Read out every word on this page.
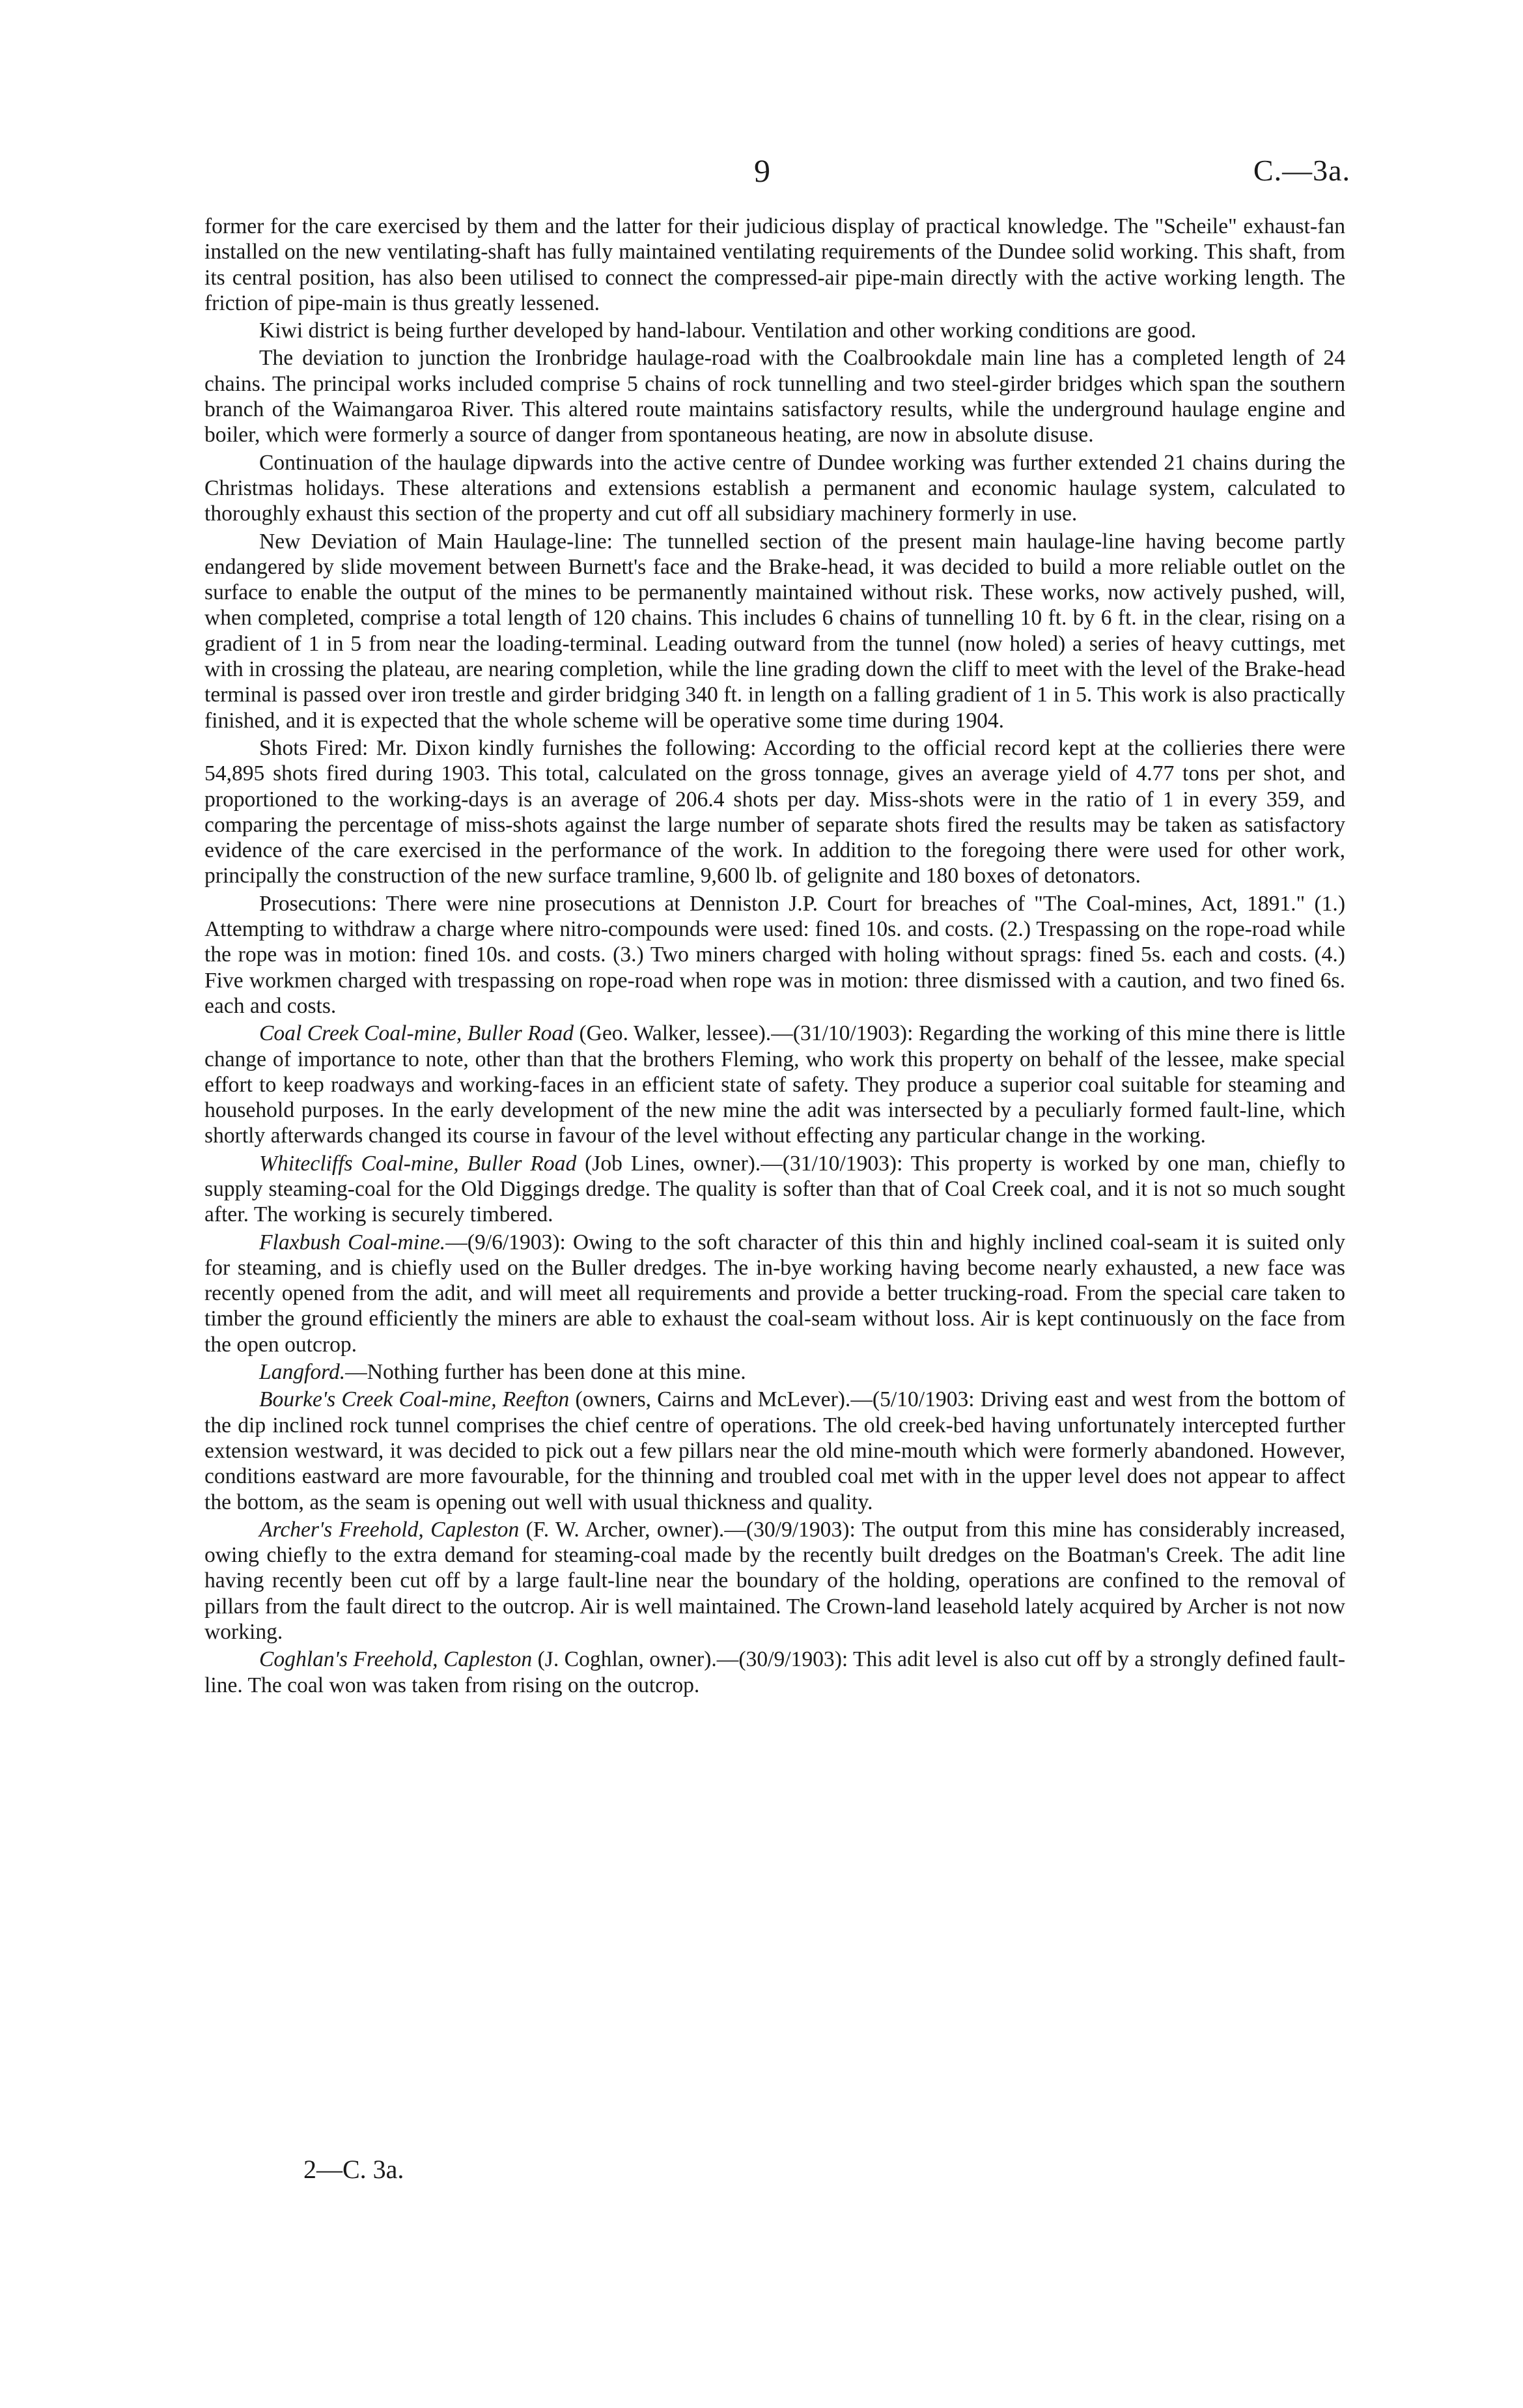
9	C.—3a.

former for the care exercised by them and the latter for their judicious display of practical knowledge. The "Scheile" exhaust-fan installed on the new ventilating-shaft has fully maintained ventilating requirements of the Dundee solid working. This shaft, from its central position, has also been utilised to connect the compressed-air pipe-main directly with the active working length. The friction of pipe-main is thus greatly lessened.

Kiwi district is being further developed by hand-labour. Ventilation and other working conditions are good.

The deviation to junction the Ironbridge haulage-road with the Coalbrookdale main line has a completed length of 24 chains. The principal works included comprise 5 chains of rock tunnelling and two steel-girder bridges which span the southern branch of the Waimangaroa River. This altered route maintains satisfactory results, while the underground haulage engine and boiler, which were formerly a source of danger from spontaneous heating, are now in absolute disuse.

Continuation of the haulage dipwards into the active centre of Dundee working was further extended 21 chains during the Christmas holidays. These alterations and extensions establish a permanent and economic haulage system, calculated to thoroughly exhaust this section of the property and cut off all subsidiary machinery formerly in use.

New Deviation of Main Haulage-line: The tunnelled section of the present main haulage-line having become partly endangered by slide movement between Burnett's face and the Brake-head, it was decided to build a more reliable outlet on the surface to enable the output of the mines to be permanently maintained without risk. These works, now actively pushed, will, when completed, comprise a total length of 120 chains. This includes 6 chains of tunnelling 10 ft. by 6 ft. in the clear, rising on a gradient of 1 in 5 from near the loading-terminal. Leading outward from the tunnel (now holed) a series of heavy cuttings, met with in crossing the plateau, are nearing completion, while the line grading down the cliff to meet with the level of the Brake-head terminal is passed over iron trestle and girder bridging 340 ft. in length on a falling gradient of 1 in 5. This work is also practically finished, and it is expected that the whole scheme will be operative some time during 1904.

Shots Fired: Mr. Dixon kindly furnishes the following: According to the official record kept at the collieries there were 54,895 shots fired during 1903. This total, calculated on the gross tonnage, gives an average yield of 4.77 tons per shot, and proportioned to the working-days is an average of 206.4 shots per day. Miss-shots were in the ratio of 1 in every 359, and comparing the percentage of miss-shots against the large number of separate shots fired the results may be taken as satisfactory evidence of the care exercised in the performance of the work. In addition to the foregoing there were used for other work, principally the construction of the new surface tramline, 9,600 lb. of gelignite and 180 boxes of detonators.

Prosecutions: There were nine prosecutions at Denniston J.P. Court for breaches of "The Coal-mines, Act, 1891." (1.) Attempting to withdraw a charge where nitro-compounds were used: fined 10s. and costs. (2.) Trespassing on the rope-road while the rope was in motion: fined 10s. and costs. (3.) Two miners charged with holing without sprags: fined 5s. each and costs. (4.) Five workmen charged with trespassing on rope-road when rope was in motion: three dismissed with a caution, and two fined 6s. each and costs.

Coal Creek Coal-mine, Buller Road (Geo. Walker, lessee).—(31/10/1903): Regarding the working of this mine there is little change of importance to note, other than that the brothers Fleming, who work this property on behalf of the lessee, make special effort to keep roadways and working-faces in an efficient state of safety. They produce a superior coal suitable for steaming and household purposes. In the early development of the new mine the adit was intersected by a peculiarly formed fault-line, which shortly afterwards changed its course in favour of the level without effecting any particular change in the working.

Whitecliffs Coal-mine, Buller Road (Job Lines, owner).—(31/10/1903): This property is worked by one man, chiefly to supply steaming-coal for the Old Diggings dredge. The quality is softer than that of Coal Creek coal, and it is not so much sought after. The working is securely timbered.

Flaxbush Coal-mine.—(9/6/1903): Owing to the soft character of this thin and highly inclined coal-seam it is suited only for steaming, and is chiefly used on the Buller dredges. The in-bye working having become nearly exhausted, a new face was recently opened from the adit, and will meet all requirements and provide a better trucking-road. From the special care taken to timber the ground efficiently the miners are able to exhaust the coal-seam without loss. Air is kept continuously on the face from the open outcrop.

Langford.—Nothing further has been done at this mine.

Bourke's Creek Coal-mine, Reefton (owners, Cairns and McLever).—(5/10/1903: Driving east and west from the bottom of the dip inclined rock tunnel comprises the chief centre of operations. The old creek-bed having unfortunately intercepted further extension westward, it was decided to pick out a few pillars near the old mine-mouth which were formerly abandoned. However, conditions eastward are more favourable, for the thinning and troubled coal met with in the upper level does not appear to affect the bottom, as the seam is opening out well with usual thickness and quality.

Archer's Freehold, Capleston (F. W. Archer, owner).—(30/9/1903): The output from this mine has considerably increased, owing chiefly to the extra demand for steaming-coal made by the recently built dredges on the Boatman's Creek. The adit line having recently been cut off by a large fault-line near the boundary of the holding, operations are confined to the removal of pillars from the fault direct to the outcrop. Air is well maintained. The Crown-land leasehold lately acquired by Archer is not now working.

Coghlan's Freehold, Capleston (J. Coghlan, owner).—(30/9/1903): This adit level is also cut off by a strongly defined fault-line. The coal won was taken from rising on the outcrop.

2—C. 3a.
